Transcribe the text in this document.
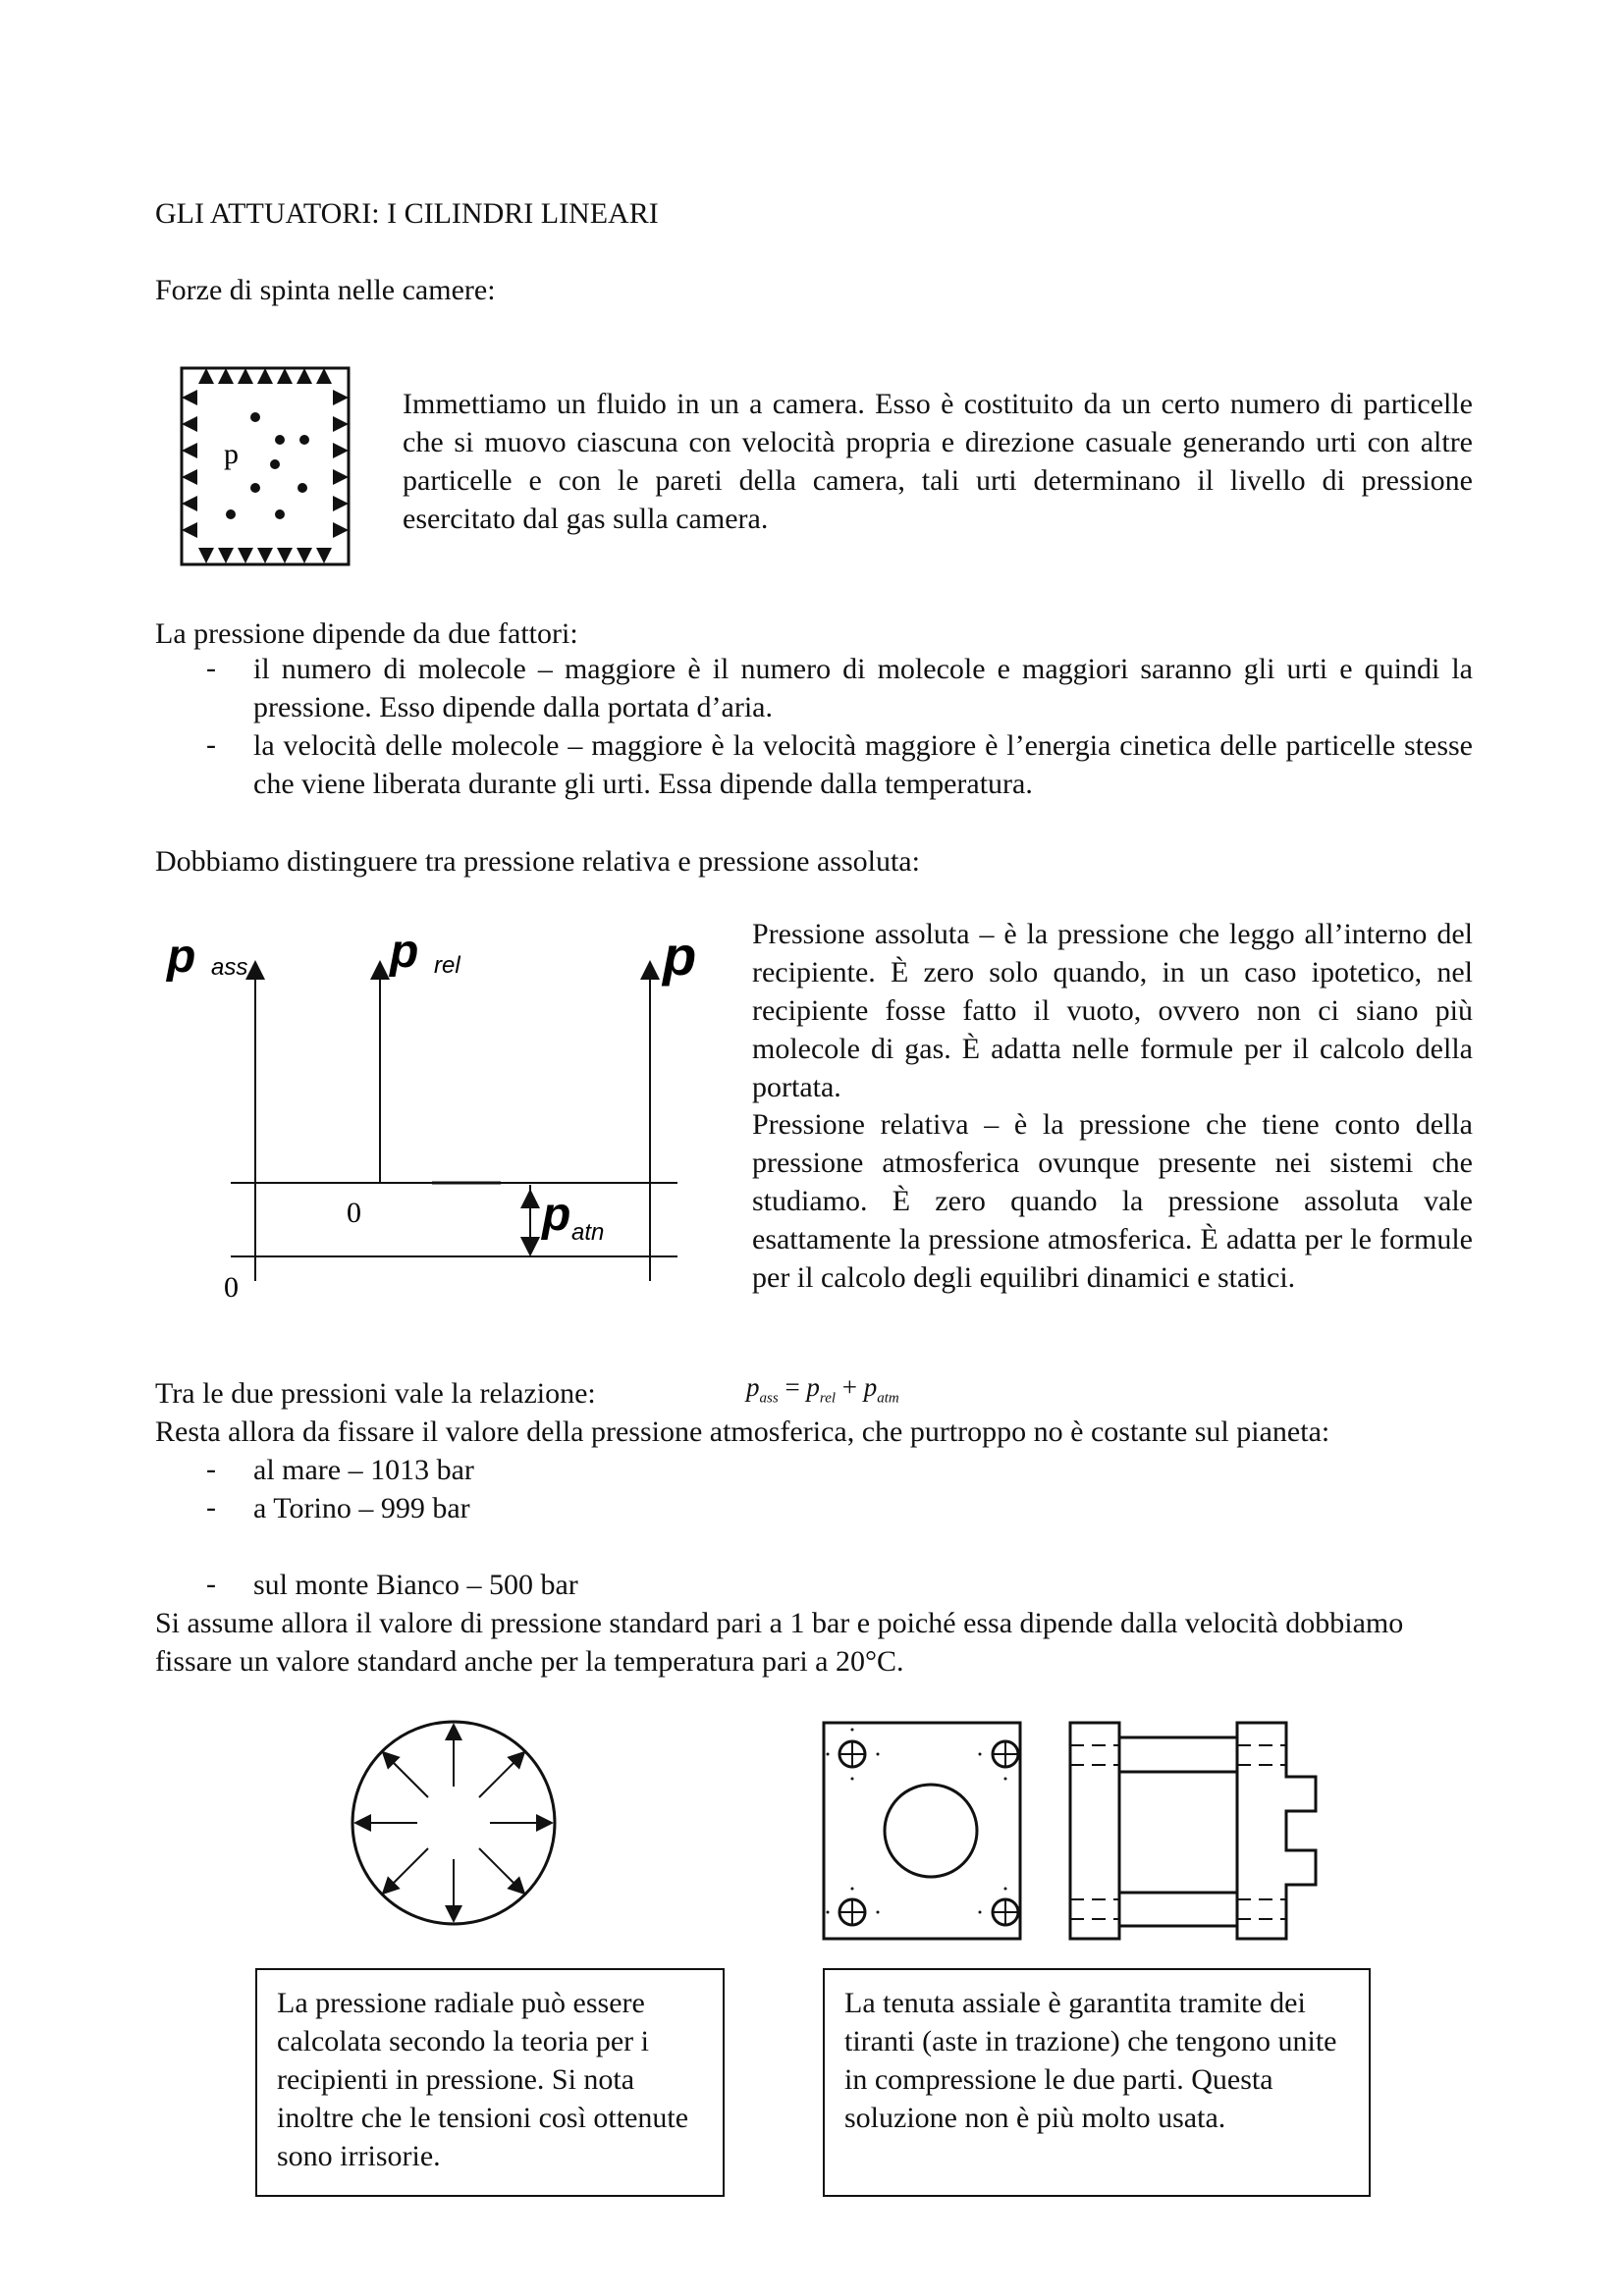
GLI ATTUATORI: I CILINDRI LINEARI
Forze di spinta nelle camere:
p
Immettiamo un fluido in un a camera. Esso è costituito da un certo numero di particelle che si muovo ciascuna con velocità propria e direzione casuale generando urti con altre particelle e con le pareti della camera, tali urti determinano il livello di pressione esercitato dal gas sulla camera.
La pressione dipende da due fattori:
- il numero di molecole – maggiore è il numero di molecole e maggiori saranno gli urti e quindi la pressione. Esso dipende dalla portata d’aria.
- la velocità delle molecole – maggiore è la velocità maggiore è l’energia cinetica delle particelle stesse che viene liberata durante gli urti. Essa dipende dalla temperatura.
Dobbiamo distinguere tra pressione relativa e pressione assoluta:
p ass	p rel	p
p atn
0
0
Pressione assoluta – è la pressione che leggo all’interno del recipiente. È zero solo quando, in un caso ipotetico, nel recipiente fosse fatto il vuoto, ovvero non ci siano più molecole di gas. È adatta nelle formule per il calcolo della portata.
Pressione relativa – è la pressione che tiene conto della pressione atmosferica ovunque presente nei sistemi che studiamo. È zero quando la pressione assoluta vale esattamente la pressione atmosferica. È adatta per le formule per il calcolo degli equilibri dinamici e statici.
Tra le due pressioni vale la relazione:	$p_{ass} = p_{rel} + p_{atm}$
Resta allora da fissare il valore della pressione atmosferica, che purtroppo no è costante sul pianeta:
- al mare – 1013 bar
- a Torino – 999 bar
- sul monte Bianco – 500 bar
Si assume allora il valore di pressione standard pari a 1 bar e poiché essa dipende dalla velocità dobbiamo fissare un valore standard anche per la temperatura pari a 20°C.
La pressione radiale può essere calcolata secondo la teoria per i recipienti in pressione. Si nota inoltre che le tensioni così ottenute sono irrisorie.
La tenuta assiale è garantita tramite dei tiranti (aste in trazione) che tengono unite in compressione le due parti. Questa soluzione non è più molto usata.
